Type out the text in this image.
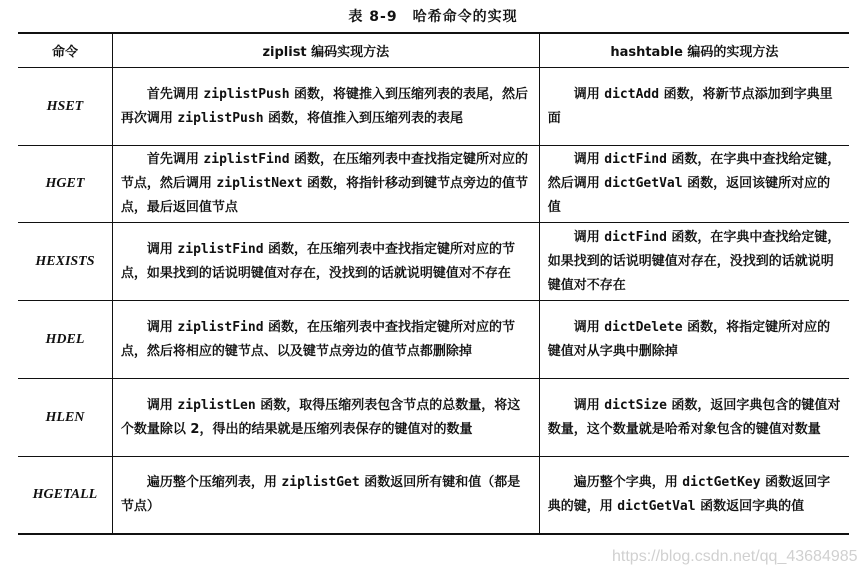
表 8-9　哈希命令的实现
命令	ziplist 编码实现方法	hashtable 编码的实现方法
HSET	首先调用 ziplistPush 函数，将键推入到压缩列表的表尾，然后再次调用 ziplistPush 函数，将值推入到压缩列表的表尾	调用 dictAdd 函数，将新节点添加到字典里面
HGET	首先调用 ziplistFind 函数，在压缩列表中查找指定键所对应的节点，然后调用 ziplistNext 函数，将指针移动到键节点旁边的值节点，最后返回值节点	调用 dictFind 函数，在字典中查找给定键，然后调用 dictGetVal 函数，返回该键所对应的值
HEXISTS	调用 ziplistFind 函数，在压缩列表中查找指定键所对应的节点，如果找到的话说明键值对存在，没找到的话就说明键值对不存在	调用 dictFind 函数，在字典中查找给定键，如果找到的话说明键值对存在，没找到的话就说明键值对不存在
HDEL	调用 ziplistFind 函数，在压缩列表中查找指定键所对应的节点，然后将相应的键节点、以及键节点旁边的值节点都删除掉	调用 dictDelete 函数，将指定键所对应的键值对从字典中删除掉
HLEN	调用 ziplistLen 函数，取得压缩列表包含节点的总数量，将这个数量除以 2，得出的结果就是压缩列表保存的键值对的数量	调用 dictSize 函数，返回字典包含的键值对数量，这个数量就是哈希对象包含的键值对数量
HGETALL	遍历整个压缩列表，用 ziplistGet 函数返回所有键和值（都是节点）	遍历整个字典，用 dictGetKey 函数返回字典的键，用 dictGetVal 函数返回字典的值
https://blog.csdn.net/qq_43684985
